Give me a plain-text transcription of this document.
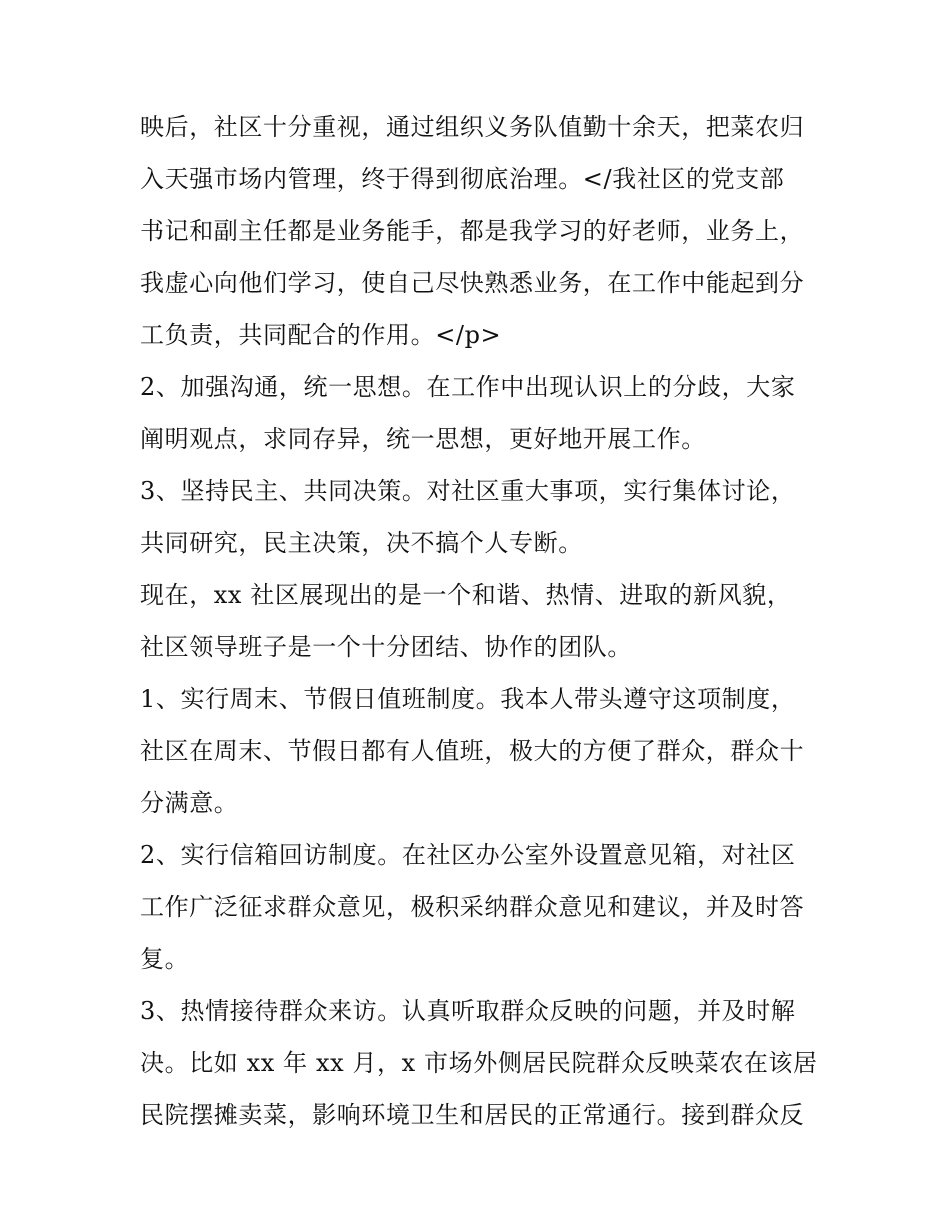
映后，社区十分重视，通过组织义务队值勤十余天，把菜农归
入天强市场内管理，终于得到彻底治理。</我社区的党支部
书记和副主任都是业务能手，都是我学习的好老师，业务上，
我虚心向他们学习，使自己尽快熟悉业务，在工作中能起到分
工负责，共同配合的作用。</p>
2、加强沟通，统一思想。在工作中出现认识上的分歧，大家
阐明观点，求同存异，统一思想，更好地开展工作。
3、坚持民主、共同决策。对社区重大事项，实行集体讨论，
共同研究，民主决策，决不搞个人专断。
现在，xx 社区展现出的是一个和谐、热情、进取的新风貌，
社区领导班子是一个十分团结、协作的团队。
1、实行周末、节假日值班制度。我本人带头遵守这项制度，
社区在周末、节假日都有人值班，极大的方便了群众，群众十
分满意。
2、实行信箱回访制度。在社区办公室外设置意见箱，对社区
工作广泛征求群众意见，极积采纳群众意见和建议，并及时答
复。
3、热情接待群众来访。认真听取群众反映的问题，并及时解
决。比如 xx 年 xx 月，x 市场外侧居民院群众反映菜农在该居
民院摆摊卖菜，影响环境卫生和居民的正常通行。接到群众反
